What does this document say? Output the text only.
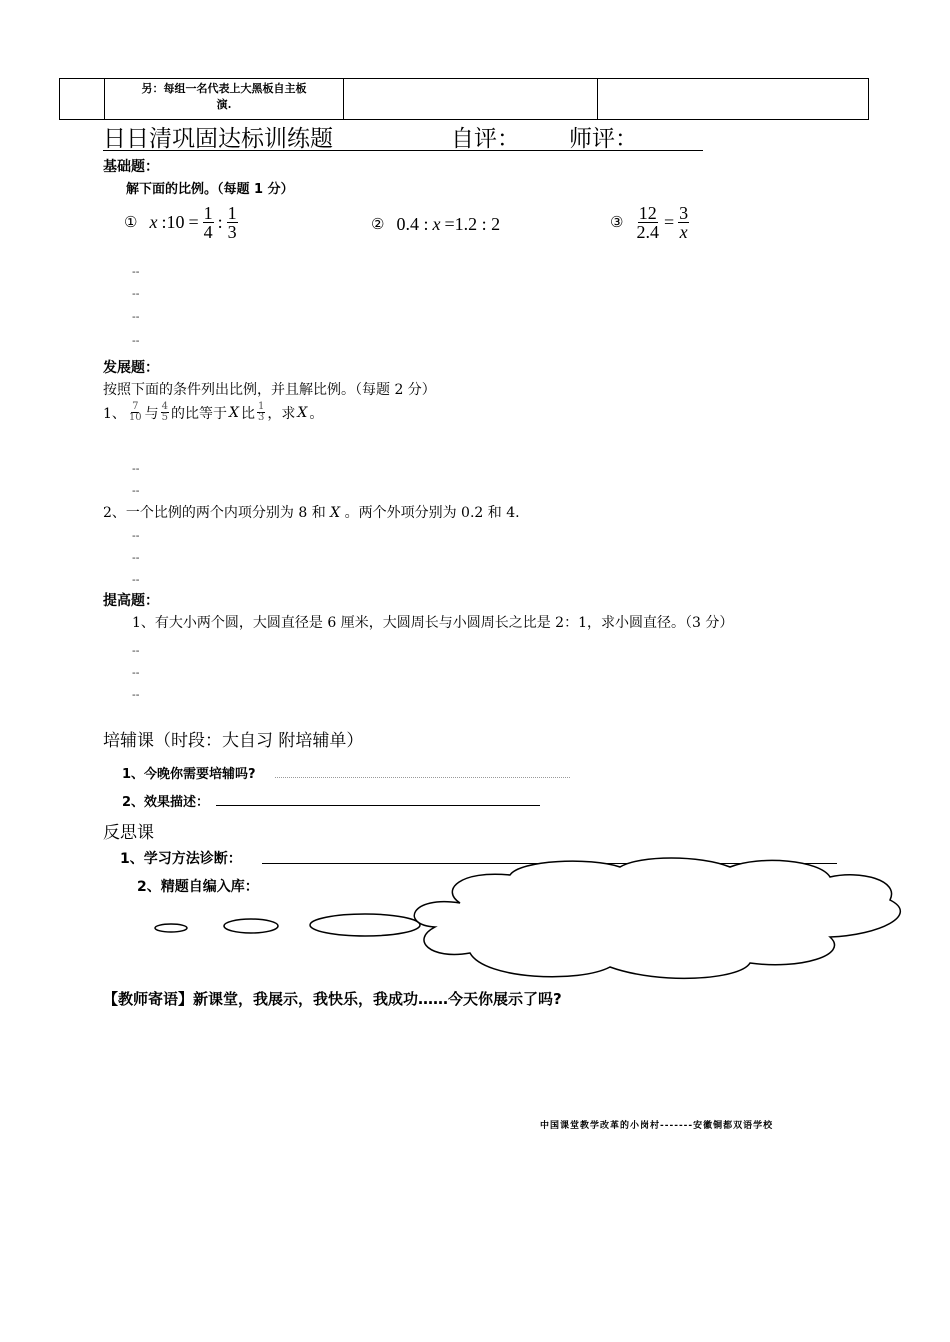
另：每组一名代表上大黑板自主板
演.

日日清巩固达标训练题	自评： 师评：
基础题：
解下面的比例。（每题 1 分）
① x :10 = $\frac{1}{4}$ : $\frac{1}{3}$	② 0.4 : x =1.2 : 2	③ $\frac{12}{2.4} = \frac{3}{x}$
--
--
--
--
发展题：
按照下面的条件列出比例，并且解比例。（每题 2 分）
1、 $\frac{7}{10}$ 与 $\frac{4}{5}$ 的比等于 X 比 $\frac{1}{3}$ ，求 X 。
--
--
2、一个比例的两个内项分别为 8 和 X 。两个外项分别为 0.2 和 4.
--
--
--
提高题：
1、有大小两个圆，大圆直径是 6 厘米，大圆周长与小圆周长之比是 2：1，求小圆直径。（3 分）
--
--
--
培辅课（时段：大自习 附培辅单）
1、今晚你需要培辅吗?
2、效果描述：
反思课
1、学习方法诊断：
2、精题自编入库：
【教师寄语】新课堂，我展示，我快乐，我成功……今天你展示了吗?
中国课堂教学改革的小岗村-------安徽铜都双语学校
